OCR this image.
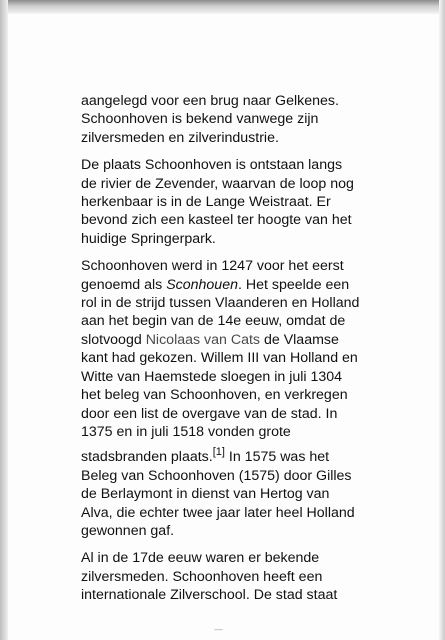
aangelegd voor een brug naar Gelkenes.
Schoonhoven is bekend vanwege zijn
zilversmeden en zilverindustrie.

De plaats Schoonhoven is ontstaan langs
de rivier de Zevender, waarvan de loop nog
herkenbaar is in de Lange Weistraat. Er
bevond zich een kasteel ter hoogte van het
huidige Springerpark.

Schoonhoven werd in 1247 voor het eerst
genoemd als Sconhouen. Het speelde een
rol in de strijd tussen Vlaanderen en Holland
aan het begin van de 14e eeuw, omdat de
slotvoogd Nicolaas van Cats de Vlaamse
kant had gekozen. Willem III van Holland en
Witte van Haemstede sloegen in juli 1304
het beleg van Schoonhoven, en verkregen
door een list de overgave van de stad. In
1375 en in juli 1518 vonden grote
stadsbranden plaats.[1] In 1575 was het
Beleg van Schoonhoven (1575) door Gilles
de Berlaymont in dienst van Hertog van
Alva, die echter twee jaar later heel Holland
gewonnen gaf.

Al in de 17de eeuw waren er bekende
zilversmeden. Schoonhoven heeft een
internationale Zilverschool. De stad staat

—
